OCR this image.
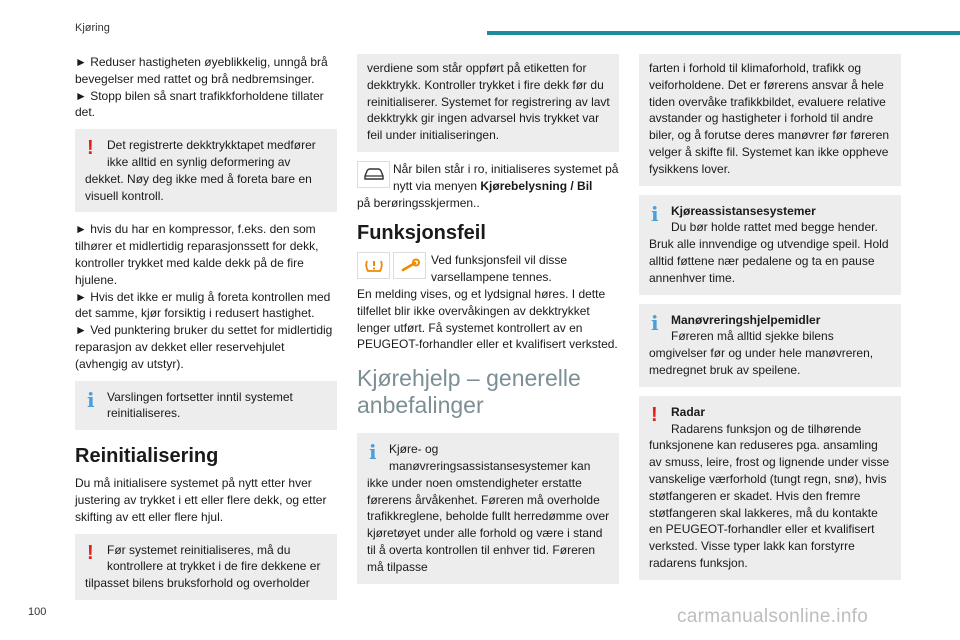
Kjøring

► Reduser hastigheten øyeblikkelig, unngå brå bevegelser med rattet og brå nedbremsinger.

► Stopp bilen så snart trafikkforholdene tillater det.

!	Det registrerte dekktrykktapet medfører ikke alltid en synlig deformering av
dekket. Nøy deg ikke med å foreta bare en visuell kontroll.

► hvis du har en kompressor, f.eks. den som tilhører et midlertidig reparasjonssett for dekk, kontroller trykket med kalde dekk på de fire hjulene.

► Hvis det ikke er mulig å foreta kontrollen med det samme, kjør forsiktig i redusert hastighet.

► Ved punktering bruker du settet for midlertidig reparasjon av dekket eller reservehjulet (avhengig av utstyr).

i	Varslingen fortsetter inntil systemet reinitialiseres.
Reinitialisering

Du må initialisere systemet på nytt etter hver justering av trykket i ett eller flere dekk, og etter skifting av ett eller flere hjul.

!	Før systemet reinitialiseres, må du kontrollere at trykket i de fire dekkene er
tilpasset bilens bruksforhold og overholder
verdiene som står oppført på etiketten for dekktrykk. Kontroller trykket i fire dekk før du reinitialiserer. Systemet for registrering av lavt dekktrykk gir ingen advarsel hvis trykket var feil under initialiseringen.
Når bilen står i ro, initialiseres systemet på nytt via menyen Kjørebelysning / Bil

på berøringsskjermen..

Funksjonsfeil
Ved funksjonsfeil vil disse varsellampene tennes.

En melding vises, og et lydsignal høres. I dette tilfellet blir ikke overvåkingen av dekktrykket lenger utført. Få systemet kontrollert av en PEUGEOT-forhandler eller et kvalifisert verksted.

Kjørehjelp – generelle anbefalinger
i	Kjøre- og manøvreringsassistansesystemer kan
ikke under noen omstendigheter erstatte førerens årvåkenhet. Føreren må overholde trafikkreglene, beholde fullt herredømme over kjøretøyet under alle forhold og være i stand til å overta kontrollen til enhver tid. Føreren må tilpasse
farten i forhold til klimaforhold, trafikk og veiforholdene. Det er førerens ansvar å hele tiden overvåke trafikkbildet, evaluere relative avstander og hastigheter i forhold til andre biler, og å forutse deres manøvrer før føreren velger å skifte fil. Systemet kan ikke oppheve fysikkens lover.
i	Kjøreassistansesystemer
Du bør holde rattet med begge hender.
Bruk alle innvendige og utvendige speil. Hold alltid føttene nær pedalene og ta en pause annenhver time.
i	Manøvreringshjelpemidler
Føreren må alltid sjekke bilens
omgivelser før og under hele manøvreren, medregnet bruk av speilene.
!	Radar
Radarens funksjon og de tilhørende
funksjonene kan reduseres pga. ansamling av smuss, leire, frost og lignende under visse vanskelige værforhold (tungt regn, snø), hvis støtfangeren er skadet. Hvis den fremre støtfangeren skal lakkeres, må du kontakte en PEUGEOT-forhandler eller et kvalifisert verksted. Visse typer lakk kan forstyrre radarens funksjon.
100	carmanualsonline.info
